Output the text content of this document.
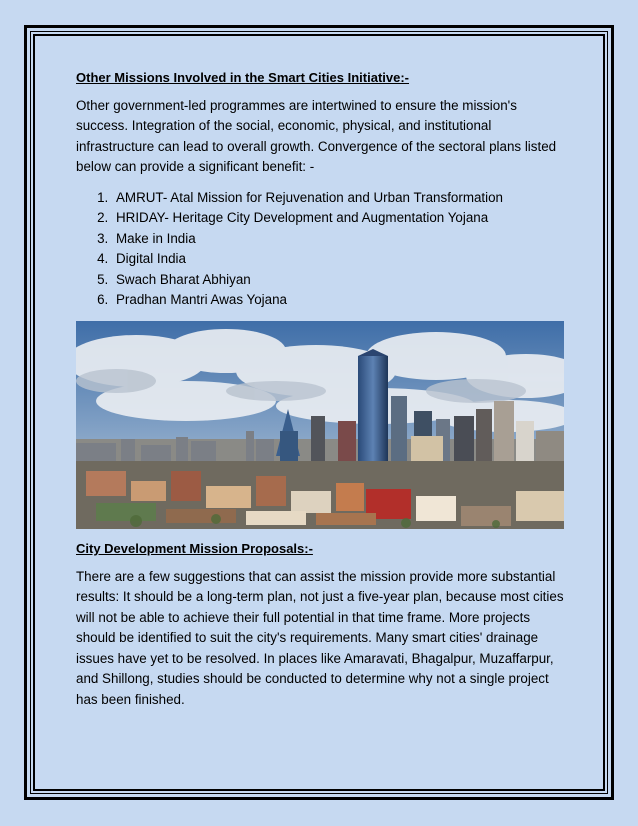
Other Missions Involved in the Smart Cities Initiative:-

Other government-led programmes are intertwined to ensure the mission's success. Integration of the social, economic, physical, and institutional infrastructure can lead to overall growth. Convergence of the sectoral plans listed below can provide a significant benefit: -

1. AMRUT- Atal Mission for Rejuvenation and Urban Transformation
2. HRIDAY- Heritage City Development and Augmentation Yojana
3. Make in India
4. Digital India
5. Swach Bharat Abhiyan
6. Pradhan Mantri Awas Yojana
City Development Mission Proposals:-

There are a few suggestions that can assist the mission provide more substantial results: It should be a long-term plan, not just a five-year plan, because most cities will not be able to achieve their full potential in that time frame. More projects should be identified to suit the city's requirements. Many smart cities' drainage issues have yet to be resolved. In places like Amaravati, Bhagalpur, Muzaffarpur, and Shillong, studies should be conducted to determine why not a single project has been finished.
